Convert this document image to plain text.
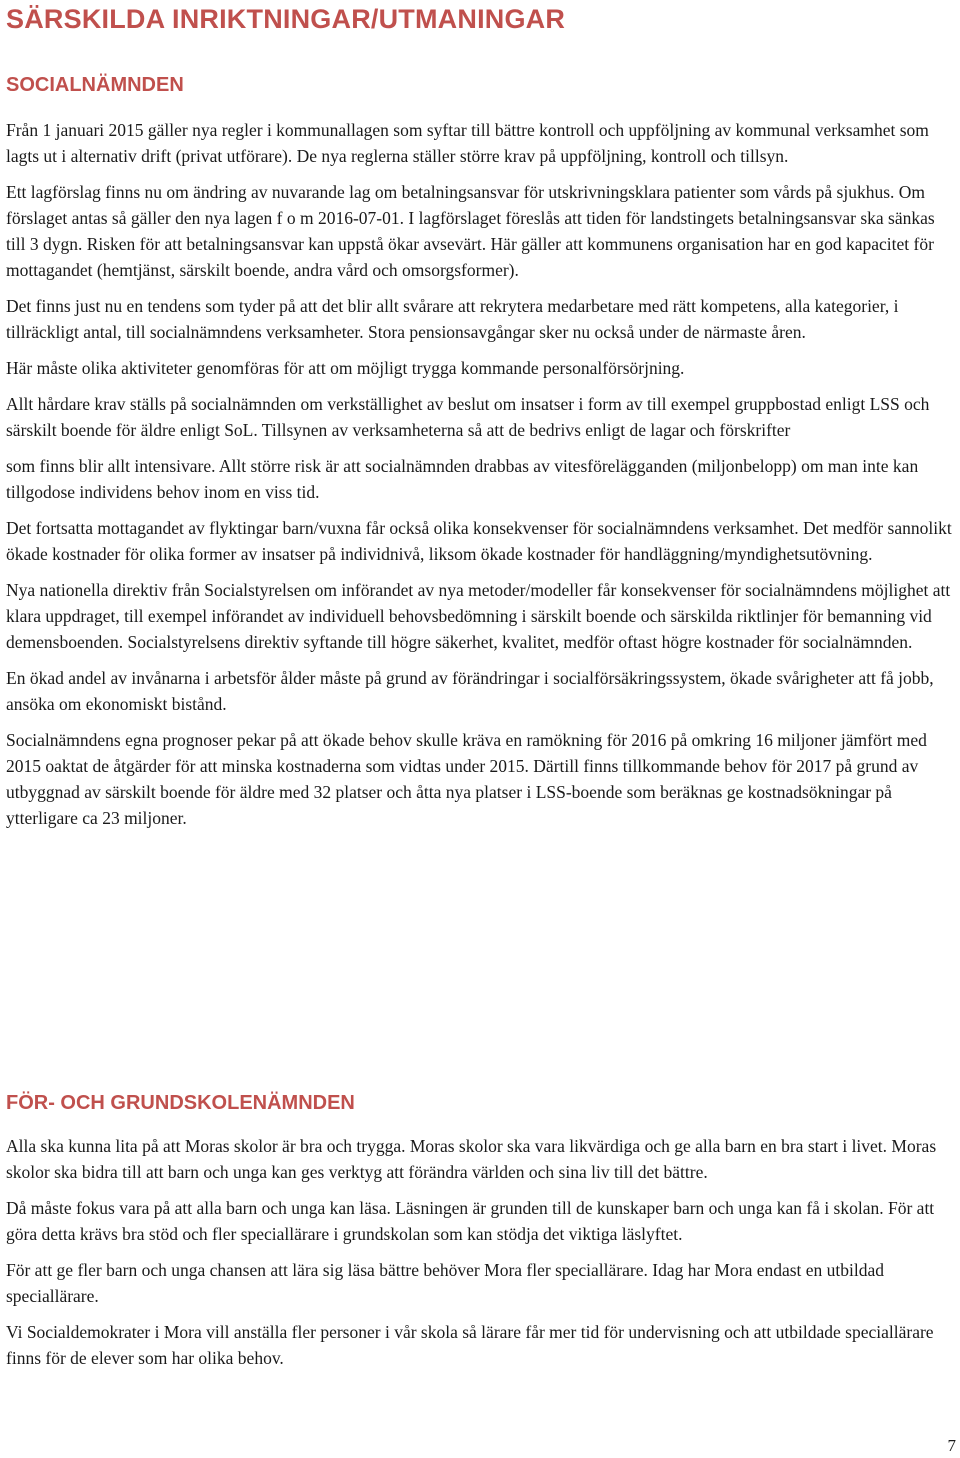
SÄRSKILDA INRIKTNINGAR/UTMANINGAR
SOCIALNÄMNDEN

Från 1 januari 2015 gäller nya regler i kommunallagen som syftar till bättre kontroll och uppföljning av kommunal verksamhet som lagts ut i alternativ drift (privat utförare). De nya reglerna ställer större krav på uppföljning, kontroll och tillsyn.

Ett lagförslag finns nu om ändring av nuvarande lag om betalningsansvar för utskrivningsklara patienter som vårds på sjukhus. Om förslaget antas så gäller den nya lagen f o m 2016-07-01. I lagförslaget föreslås att tiden för landstingets betalningsansvar ska sänkas till 3 dygn. Risken för att betalningsansvar kan uppstå ökar avsevärt. Här gäller att kommunens organisation har en god kapacitet för mottagandet (hemtjänst, särskilt boende, andra vård och omsorgsformer).

Det finns just nu en tendens som tyder på att det blir allt svårare att rekrytera medarbetare med rätt kompetens, alla kategorier, i tillräckligt antal, till socialnämndens verksamheter. Stora pensionsavgångar sker nu också under de närmaste åren.

Här måste olika aktiviteter genomföras för att om möjligt trygga kommande personalförsörjning.

Allt hårdare krav ställs på socialnämnden om verkställighet av beslut om insatser i form av till exempel gruppbostad enligt LSS och särskilt boende för äldre enligt SoL. Tillsynen av verksamheterna så att de bedrivs enligt de lagar och förskrifter

som finns blir allt intensivare. Allt större risk är att socialnämnden drabbas av vitesförelägganden (miljonbelopp) om man inte kan tillgodose individens behov inom en viss tid.

Det fortsatta mottagandet av flyktingar barn/vuxna får också olika konsekvenser för socialnämndens verksamhet. Det medför sannolikt ökade kostnader för olika former av insatser på individnivå, liksom ökade kostnader för handläggning/myndighetsutövning.

Nya nationella direktiv från Socialstyrelsen om införandet av nya metoder/modeller får konsekvenser för socialnämndens möjlighet att klara uppdraget, till exempel införandet av individuell behovsbedömning i särskilt boende och särskilda riktlinjer för bemanning vid demensboenden. Socialstyrelsens direktiv syftande till högre säkerhet, kvalitet, medför oftast högre kostnader för socialnämnden.

En ökad andel av invånarna i arbetsför ålder måste på grund av förändringar i socialförsäkringssystem, ökade svårigheter att få jobb, ansöka om ekonomiskt bistånd.

Socialnämndens egna prognoser pekar på att ökade behov skulle kräva en ramökning för 2016 på omkring 16 miljoner jämfört med 2015 oaktat de åtgärder för att minska kostnaderna som vidtas under 2015. Därtill finns tillkommande behov för 2017 på grund av utbyggnad av särskilt boende för äldre med 32 platser och åtta nya platser i LSS-boende som beräknas ge kostnadsökningar på ytterligare ca 23 miljoner.

FÖR- OCH GRUNDSKOLENÄMNDEN

Alla ska kunna lita på att Moras skolor är bra och trygga. Moras skolor ska vara likvärdiga och ge alla barn en bra start i livet. Moras skolor ska bidra till att barn och unga kan ges verktyg att förändra världen och sina liv till det bättre.

Då måste fokus vara på att alla barn och unga kan läsa. Läsningen är grunden till de kunskaper barn och unga kan få i skolan. För att göra detta krävs bra stöd och fler speciallärare i grundskolan som kan stödja det viktiga läslyftet.

För att ge fler barn och unga chansen att lära sig läsa bättre behöver Mora fler speciallärare. Idag har Mora endast en utbildad speciallärare.

Vi Socialdemokrater i Mora vill anställa fler personer i vår skola så lärare får mer tid för undervisning och att utbildade speciallärare finns för de elever som har olika behov.

7
